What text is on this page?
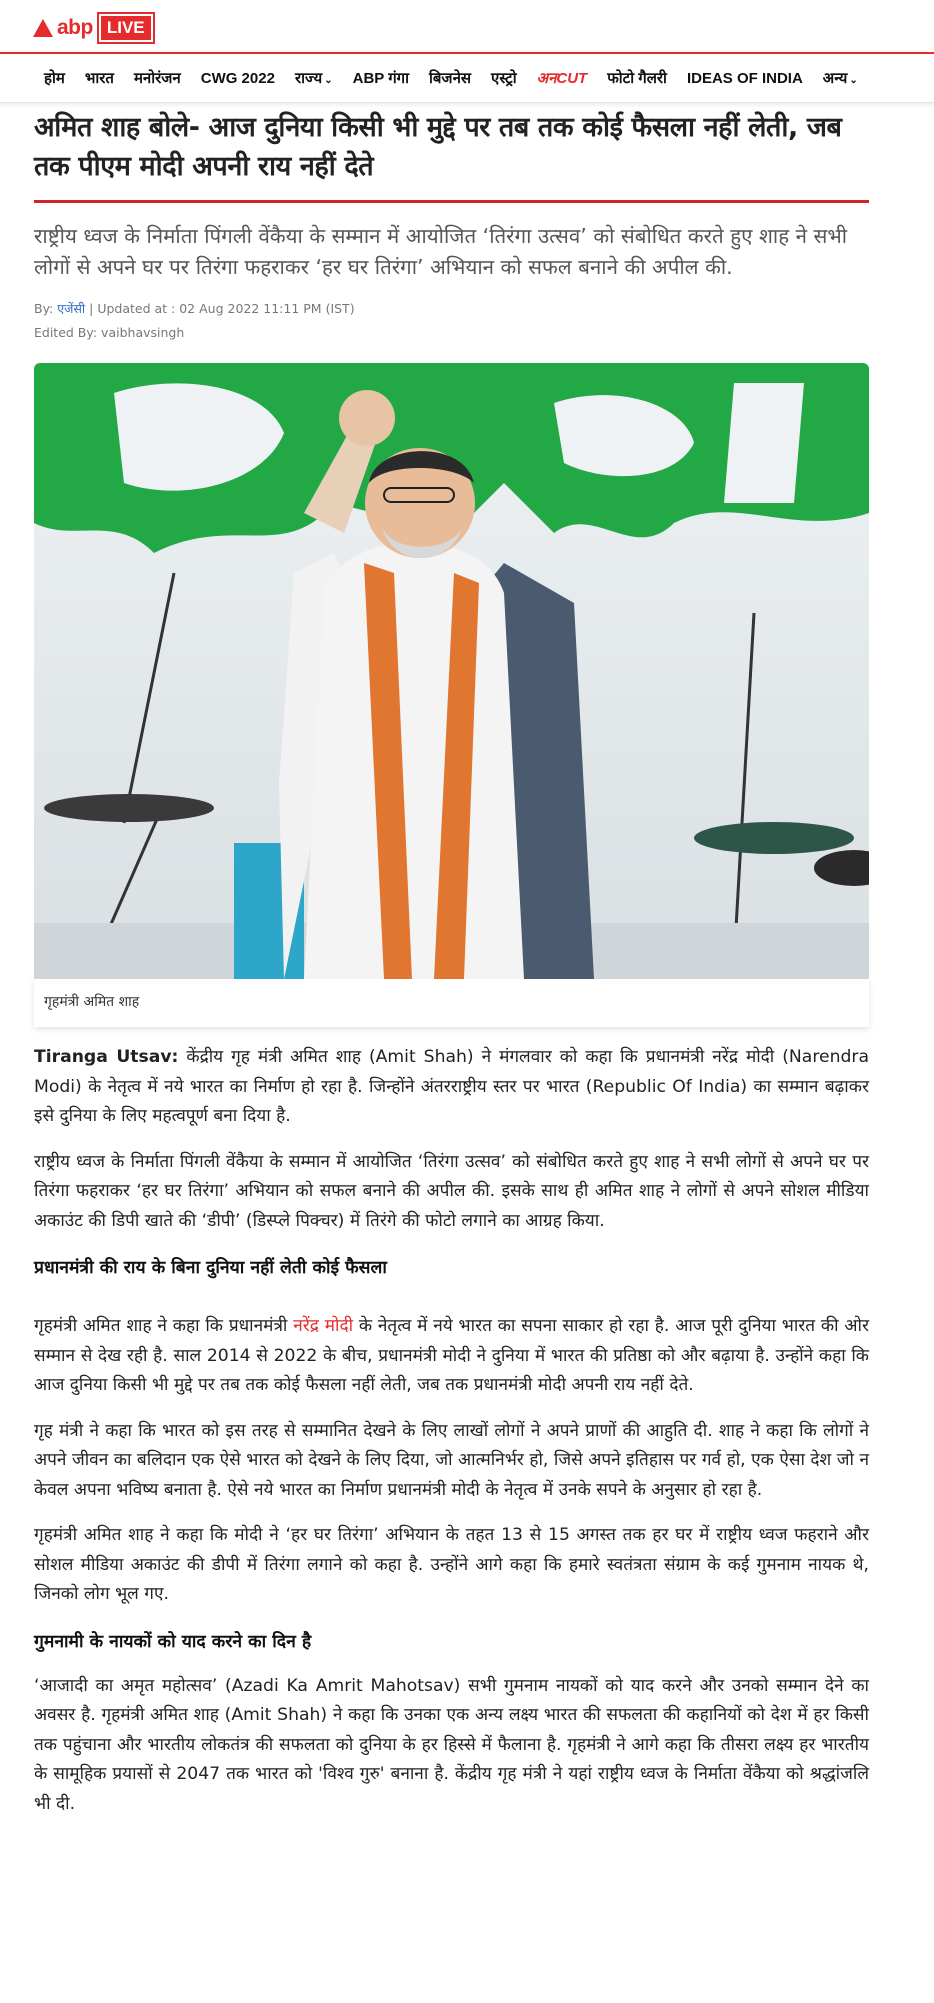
abp LIVE
होम भारत मनोरंजन CWG 2022 राज्य ⌄ ABP गंगा बिजनेस एस्ट्रो अनCUT फोटो गैलरी IDEAS OF INDIA अन्य ⌄
अमित शाह बोले- आज दुनिया किसी भी मुद्दे पर तब तक कोई फैसला नहीं लेती, जब तक पीएम मोदी अपनी राय नहीं देते

राष्ट्रीय ध्वज के निर्माता पिंगली वेंकैया के सम्मान में आयोजित ‘तिरंगा उत्सव’ को संबोधित करते हुए शाह ने सभी लोगों से अपने घर पर तिरंगा फहराकर ‘हर घर तिरंगा’ अभियान को सफल बनाने की अपील की.

By: एजेंसी | Updated at : 02 Aug 2022 11:11 PM (IST)
Edited By: vaibhavsingh
गृहमंत्री अमित शाह

Tiranga Utsav: केंद्रीय गृह मंत्री अमित शाह (Amit Shah) ने मंगलवार को कहा कि प्रधानमंत्री नरेंद्र मोदी (Narendra Modi) के नेतृत्व में नये भारत का निर्माण हो रहा है. जिन्होंने अंतरराष्ट्रीय स्तर पर भारत (Republic Of India) का सम्मान बढ़ाकर इसे दुनिया के लिए महत्वपूर्ण बना दिया है.

राष्ट्रीय ध्वज के निर्माता पिंगली वेंकैया के सम्मान में आयोजित ‘तिरंगा उत्सव’ को संबोधित करते हुए शाह ने सभी लोगों से अपने घर पर तिरंगा फहराकर ‘हर घर तिरंगा’ अभियान को सफल बनाने की अपील की. इसके साथ ही अमित शाह ने लोगों से अपने सोशल मीडिया अकाउंट की डिपी खाते की ‘डीपी’ (डिस्प्ले पिक्चर) में तिरंगे की फोटो लगाने का आग्रह किया.

प्रधानमंत्री की राय के बिना दुनिया नहीं लेती कोई फैसला

गृहमंत्री अमित शाह ने कहा कि प्रधानमंत्री नरेंद्र मोदी के नेतृत्व में नये भारत का सपना साकार हो रहा है. आज पूरी दुनिया भारत की ओर सम्मान से देख रही है. साल 2014 से 2022 के बीच, प्रधानमंत्री मोदी ने दुनिया में भारत की प्रतिष्ठा को और बढ़ाया है. उन्होंने कहा कि आज दुनिया किसी भी मुद्दे पर तब तक कोई फैसला नहीं लेती, जब तक प्रधानमंत्री मोदी अपनी राय नहीं देते.

गृह मंत्री ने कहा कि भारत को इस तरह से सम्मानित देखने के लिए लाखों लोगों ने अपने प्राणों की आहुति दी. शाह ने कहा कि लोगों ने अपने जीवन का बलिदान एक ऐसे भारत को देखने के लिए दिया, जो आत्मनिर्भर हो, जिसे अपने इतिहास पर गर्व हो, एक ऐसा देश जो न केवल अपना भविष्य बनाता है. ऐसे नये भारत का निर्माण प्रधानमंत्री मोदी के नेतृत्व में उनके सपने के अनुसार हो रहा है.

गृहमंत्री अमित शाह ने कहा कि मोदी ने ‘हर घर तिरंगा’ अभियान के तहत 13 से 15 अगस्त तक हर घर में राष्ट्रीय ध्वज फहराने और सोशल मीडिया अकाउंट की डीपी में तिरंगा लगाने को कहा है. उन्होंने आगे कहा कि हमारे स्वतंत्रता संग्राम के कई गुमनाम नायक थे, जिनको लोग भूल गए.

गुमनामी के नायकों को याद करने का दिन है

‘आजादी का अमृत महोत्सव’ (Azadi Ka Amrit Mahotsav) सभी गुमनाम नायकों को याद करने और उनको सम्मान देने का अवसर है. गृहमंत्री अमित शाह (Amit Shah) ने कहा कि उनका एक अन्य लक्ष्य भारत की सफलता की कहानियों को देश में हर किसी तक पहुंचाना और भारतीय लोकतंत्र की सफलता को दुनिया के हर हिस्से में फैलाना है. गृहमंत्री ने आगे कहा कि तीसरा लक्ष्य हर भारतीय के सामूहिक प्रयासों से 2047 तक भारत को 'विश्व गुरु' बनाना है. केंद्रीय गृह मंत्री ने यहां राष्ट्रीय ध्वज के निर्माता वेंकैया को श्रद्धांजलि भी दी.
